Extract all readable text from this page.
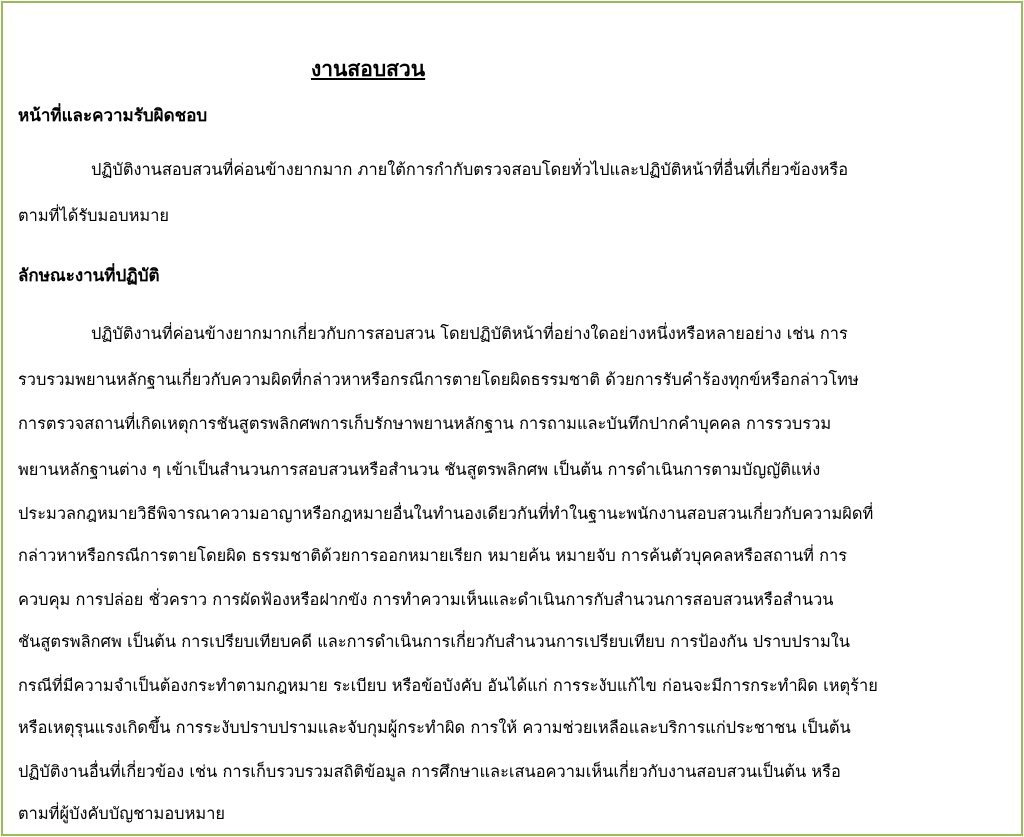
งานสอบสวน
หน้าที่และความรับผิดชอบ
ปฏิบัติงานสอบสวนที่ค่อนข้างยากมาก ภายใต้การกำกับตรวจสอบโดยทั่วไปและปฏิบัติหน้าที่อื่นที่เกี่ยวข้องหรือ
ตามที่ได้รับมอบหมาย
ลักษณะงานที่ปฏิบัติ
ปฏิบัติงานที่ค่อนข้างยากมากเกี่ยวกับการสอบสวน โดยปฏิบัติหน้าที่อย่างใดอย่างหนึ่งหรือหลายอย่าง เช่น การ
รวบรวมพยานหลักฐานเกี่ยวกับความผิดที่กล่าวหาหรือกรณีการตายโดยผิดธรรมชาติ ด้วยการรับคำร้องทุกข์หรือกล่าวโทษ
การตรวจสถานที่เกิดเหตุการชันสูตรพลิกศพการเก็บรักษาพยานหลักฐาน การถามและบันทึกปากคำบุคคล การรวบรวม
พยานหลักฐานต่าง ๆ เข้าเป็นสำนวนการสอบสวนหรือสำนวน ชันสูตรพลิกศพ เป็นต้น การดำเนินการตามบัญญัติแห่ง
ประมวลกฎหมายวิธีพิจารณาความอาญาหรือกฎหมายอื่นในทำนองเดียวกันที่ทำในฐานะพนักงานสอบสวนเกี่ยวกับความผิดที่
กล่าวหาหรือกรณีการตายโดยผิด ธรรมชาติด้วยการออกหมายเรียก หมายค้น หมายจับ การค้นตัวบุคคลหรือสถานที่ การ
ควบคุม การปล่อย ชั่วคราว การผัดฟ้องหรือฝากขัง การทำความเห็นและดำเนินการกับสำนวนการสอบสวนหรือสำนวน
ชันสูตรพลิกศพ เป็นต้น การเปรียบเทียบคดี และการดำเนินการเกี่ยวกับสำนวนการเปรียบเทียบ การป้องกัน ปราบปรามใน
กรณีที่มีความจำเป็นต้องกระทำตามกฎหมาย ระเบียบ หรือข้อบังคับ อันได้แก่ การระงับแก้ไข ก่อนจะมีการกระทำผิด เหตุร้าย
หรือเหตุรุนแรงเกิดขึ้น การระงับปราบปรามและจับกุมผู้กระทำผิด การให้ ความช่วยเหลือและบริการแก่ประชาชน เป็นต้น
ปฏิบัติงานอื่นที่เกี่ยวข้อง เช่น การเก็บรวบรวมสถิติข้อมูล การศึกษาและเสนอความเห็นเกี่ยวกับงานสอบสวนเป็นต้น หรือ
ตามที่ผู้บังคับบัญชามอบหมาย
